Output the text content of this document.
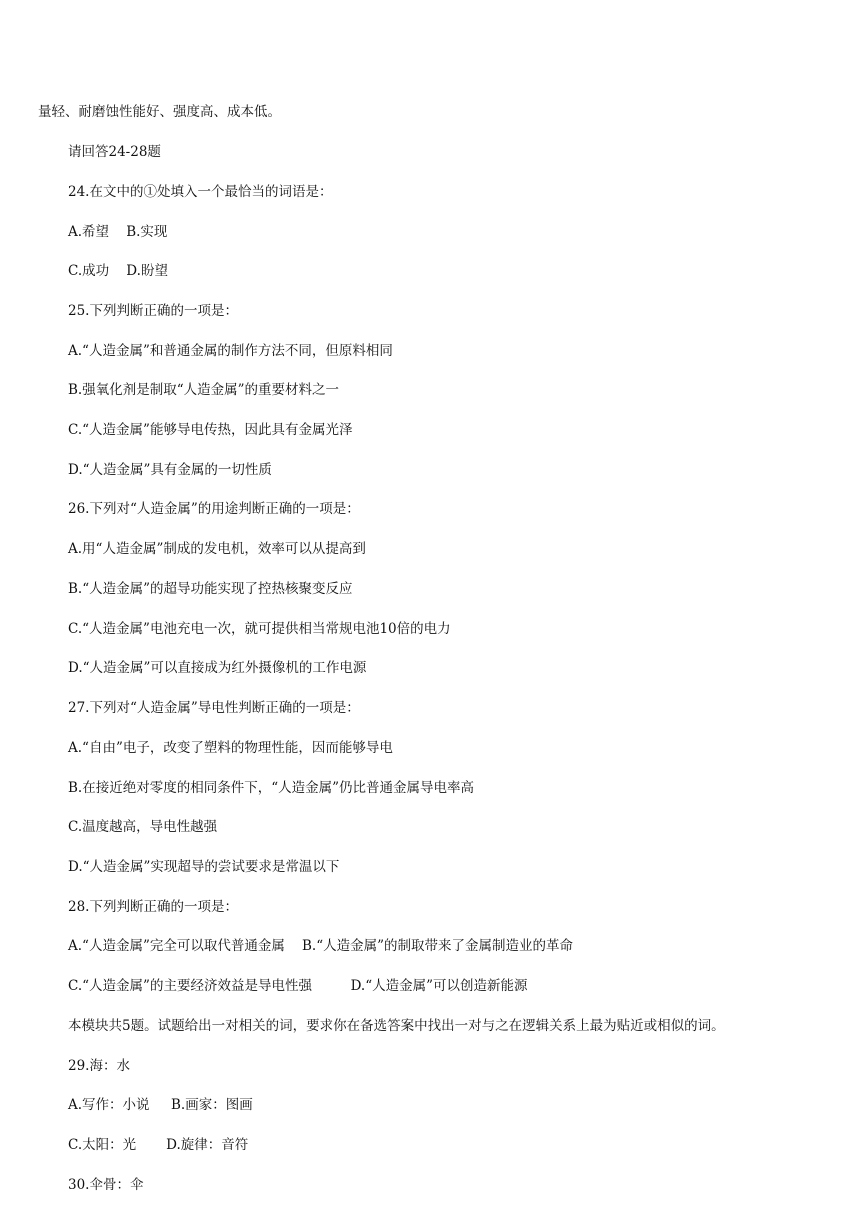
量轻、耐磨蚀性能好、强度高、成本低。
请回答24-28题
24.在文中的①处填入一个最恰当的词语是：
A.希望    B.实现
C.成功    D.盼望
25.下列判断正确的一项是：
A.“人造金属”和普通金属的制作方法不同，但原料相同
B.强氧化剂是制取“人造金属”的重要材料之一
C.“人造金属”能够导电传热，因此具有金属光泽
D.“人造金属”具有金属的一切性质
26.下列对“人造金属”的用途判断正确的一项是：
A.用“人造金属”制成的发电机，效率可以从提高到
B.“人造金属”的超导功能实现了控热核聚变反应
C.“人造金属”电池充电一次，就可提供相当常规电池10倍的电力
D.“人造金属”可以直接成为红外摄像机的工作电源
27.下列对“人造金属”导电性判断正确的一项是：
A.“自由”电子，改变了塑料的物理性能，因而能够导电
B.在接近绝对零度的相同条件下，“人造金属”仍比普通金属导电率高
C.温度越高，导电性越强
D.“人造金属”实现超导的尝试要求是常温以下
28.下列判断正确的一项是：
A.“人造金属”完全可以取代普通金属    B.“人造金属”的制取带来了金属制造业的革命
C.“人造金属”的主要经济效益是导电性强         D.“人造金属”可以创造新能源
本模块共5题。试题给出一对相关的词，要求你在备选答案中找出一对与之在逻辑关系上最为贴近或相似的词。
29.海：水
A.写作：小说     B.画家：图画
C.太阳：光       D.旋律：音符
30.伞骨：伞
